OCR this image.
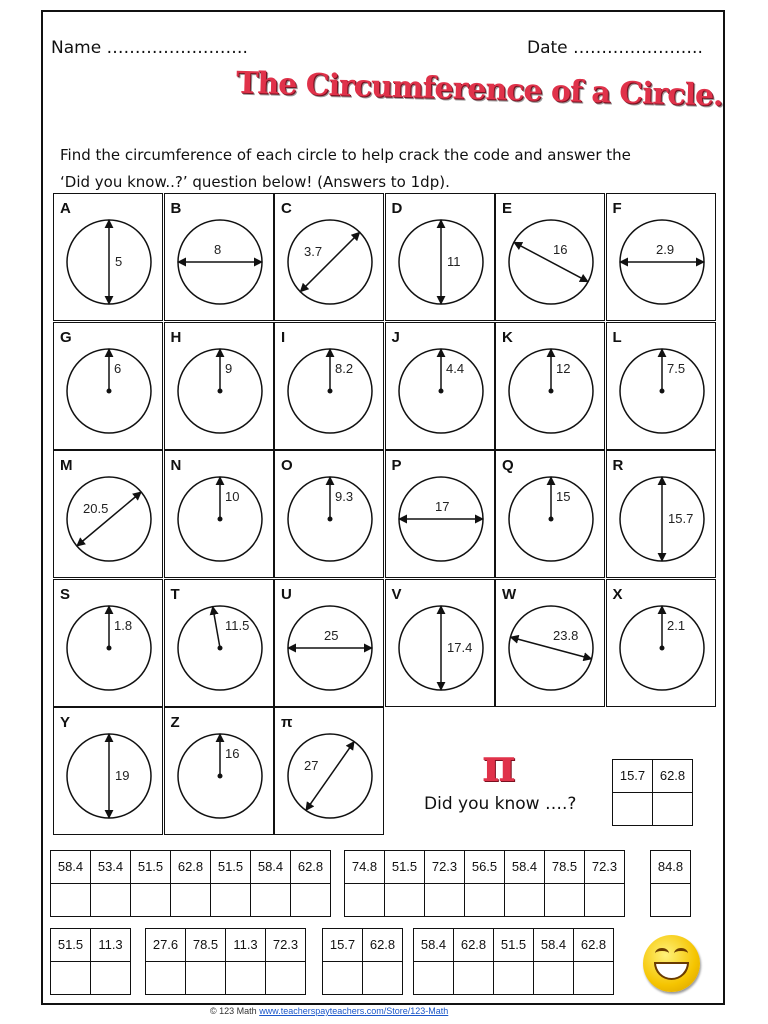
Name …………………….	Date …………………..
The Circumference of a Circle.
Find the circumference of each circle to help crack the code and answer the
‘Did you know..?’ question below! (Answers to 1dp).
5
A
8
B
3.7
C
11
D
16
E
2.9
F
6
G
9
H
8.2
I
4.4
J
12
K
7.5
L
20.5
M
10
N
9.3
O
17
P
15
Q
15.7
R
1.8
S
11.5
T
25
U
17.4
V
23.8
W
2.1
X
19
Y
16
Z
27
π
π
Did you know ….?
15.7	62.8

58.4	53.4	51.5	62.8	51.5	58.4	62.8

							74.8	51.5	72.3	56.5	58.4	78.5	72.3

							84.8

51.5	11.3

		27.6	78.5	11.3	72.3

				15.7	62.8

		58.4	62.8	51.5	58.4	62.8

© 123 Math www.teacherspayteachers.com/Store/123-Math
